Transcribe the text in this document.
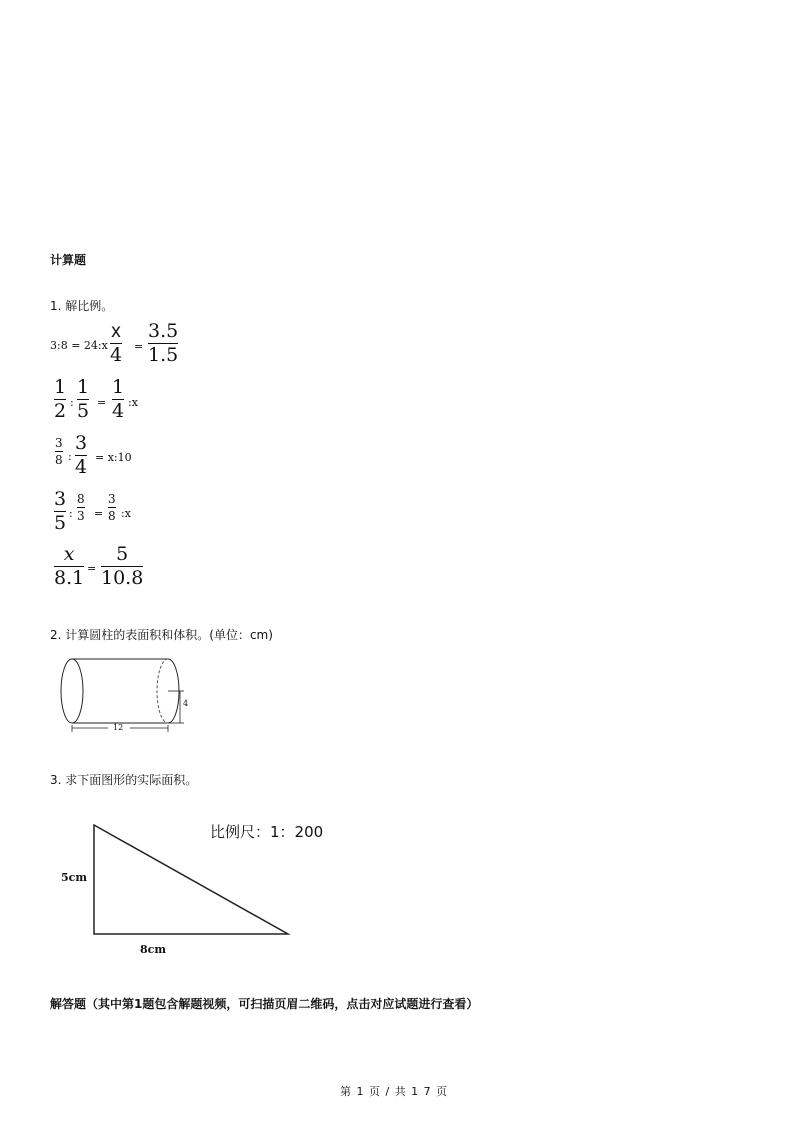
计算题
1. 解比例。
3:8 = 24:x
x
4 =
3.5
1.5
1
2 :
1
5 =
1
4 :x
3
8 :
3
4 = x:10
3
5 :
8
3 =
3
8 :x
x
8.1 =
5
10.8
2. 计算圆柱的表面积和体积。(单位：cm)
4
12
3. 求下面图形的实际面积。
比例尺：1：200
5cm
8cm
解答题（其中第1题包含解题视频，可扫描页眉二维码，点击对应试题进行查看）
第 1 页 / 共 1 7 页
